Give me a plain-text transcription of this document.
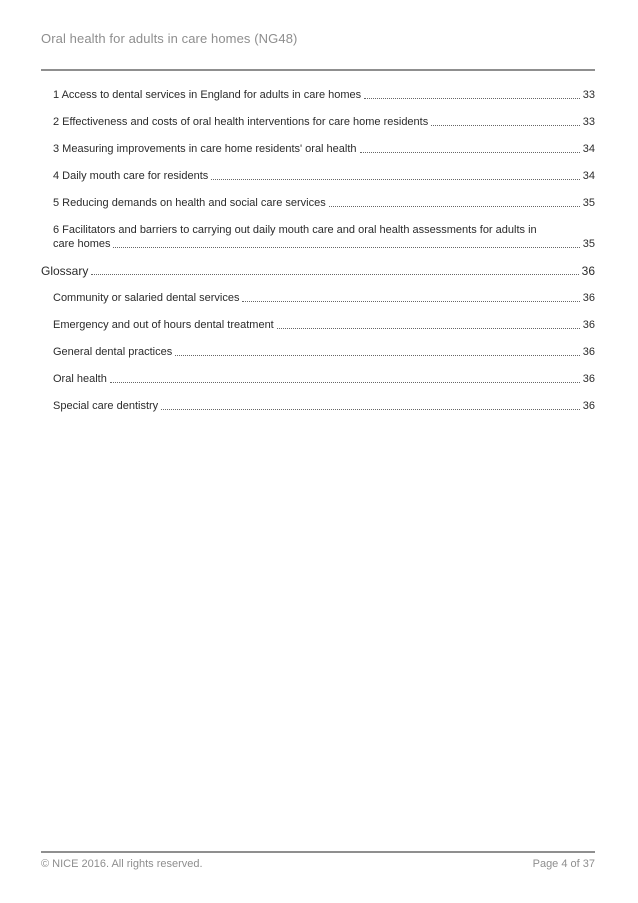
Oral health for adults in care homes (NG48)
1 Access to dental services in England for adults in care homes	33
2 Effectiveness and costs of oral health interventions for care home residents	33
3 Measuring improvements in care home residents' oral health	34
4 Daily mouth care for residents	34
5 Reducing demands on health and social care services	35
6 Facilitators and barriers to carrying out daily mouth care and oral health assessments for adults in
care homes	35
Glossary	36
Community or salaried dental services	36
Emergency and out of hours dental treatment	36
General dental practices	36
Oral health	36
Special care dentistry	36
© NICE 2016. All rights reserved.	Page 4 of 37
